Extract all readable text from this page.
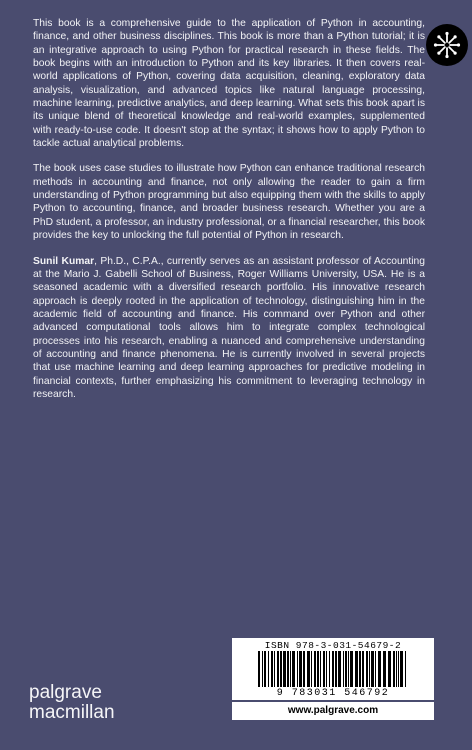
This book is a comprehensive guide to the application of Python in accounting, finance, and other business disciplines. This book is more than a Python tutorial; it is an integrative approach to using Python for practical research in these fields. The book begins with an introduction to Python and its key libraries. It then covers real-world applications of Python, covering data acquisition, cleaning, exploratory data analysis, visualization, and advanced topics like natural language processing, machine learning, predictive analytics, and deep learning. What sets this book apart is its unique blend of theoretical knowledge and real-world examples, supplemented with ready-to-use code. It doesn't stop at the syntax; it shows how to apply Python to tackle actual analytical problems.

The book uses case studies to illustrate how Python can enhance traditional research methods in accounting and finance, not only allowing the reader to gain a firm understanding of Python programming but also equipping them with the skills to apply Python to accounting, finance, and broader business research. Whether you are a PhD student, a professor, an industry professional, or a financial researcher, this book provides the key to unlocking the full potential of Python in research.

Sunil Kumar, Ph.D., C.P.A., currently serves as an assistant professor of Accounting at the Mario J. Gabelli School of Business, Roger Williams University, USA. He is a seasoned academic with a diversified research portfolio. His innovative research approach is deeply rooted in the application of technology, distinguishing him in the academic field of accounting and finance. His command over Python and other advanced computational tools allows him to integrate complex technological processes into his research, enabling a nuanced and comprehensive understanding of accounting and finance phenomena. He is currently involved in several projects that use machine learning and deep learning approaches for predictive modeling in financial contexts, further emphasizing his commitment to leveraging technology in research.

ISBN 978-3-031-54679-2
9 783031 546792
www.palgrave.com
palgrave
macmillan
